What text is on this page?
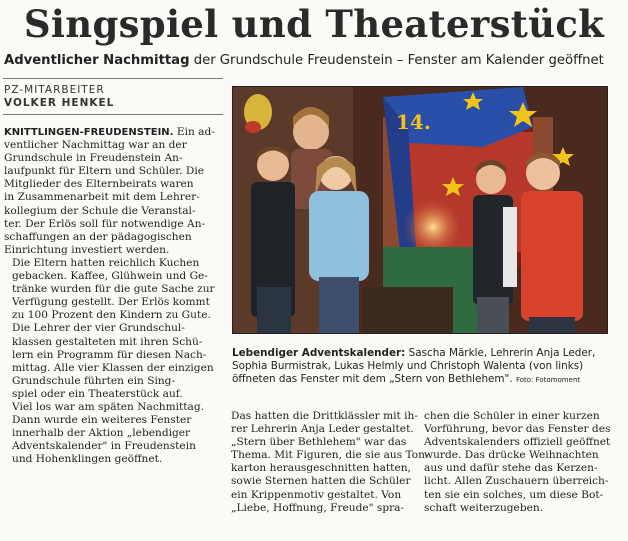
Singspiel und Theaterstück
Adventlicher Nachmittag der Grundschule Freudenstein – Fenster am Kalender geöffnet
PZ-MITARBEITER
VOLKER HENKEL

KNITTLINGEN-FREUDENSTEIN. Ein ad-
ventlicher Nachmittag war an der
Grundschule in Freudenstein An-
laufpunkt für Eltern und Schüler. Die
Mitglieder des Elternbeirats waren
in Zusammenarbeit mit dem Lehrer-
kollegium der Schule die Veranstal-
ter. Der Erlös soll für notwendige An-
schaffungen an der pädagogischen
Einrichtung investiert werden.

Die Eltern hatten reichlich Kuchen
gebacken. Kaffee, Glühwein und Ge-
tränke wurden für die gute Sache zur
Verfügung gestellt. Der Erlös kommt
zu 100 Prozent den Kindern zu Gute.

Die Lehrer der vier Grundschul-
klassen gestalteten mit ihren Schü-
lern ein Programm für diesen Nach-
mittag. Alle vier Klassen der einzigen
Grundschule führten ein Sing-
spiel oder ein Theaterstück auf.

Viel los war am späten Nachmittag.
Dann wurde ein weiteres Fenster
innerhalb der Aktion „lebendiger
Adventskalender" in Freudenstein
und Hohenklingen geöffnet.

14.
Lebendiger Adventskalender: Sascha Märkle, Lehrerin Anja Leder,
Sophia Burmistrak, Lukas Helmly und Christoph Walenta (von links)
öffneten das Fenster mit dem „Stern von Bethlehem". Foto: Fotomoment
Das hatten die Drittklässler mit ih-
rer Lehrerin Anja Leder gestaltet.
„Stern über Bethlehem" war das
Thema. Mit Figuren, die sie aus Ton-
karton herausgeschnitten hatten,
sowie Sternen hatten die Schüler
ein Krippenmotiv gestaltet. Von
„Liebe, Hoffnung, Freude" spra-
chen die Schüler in einer kurzen
Vorführung, bevor das Fenster des
Adventskalenders offiziell geöffnet
wurde. Das drücke Weihnachten
aus und dafür stehe das Kerzen-
licht. Allen Zuschauern überreich-
ten sie ein solches, um diese Bot-
schaft weiterzugeben.
